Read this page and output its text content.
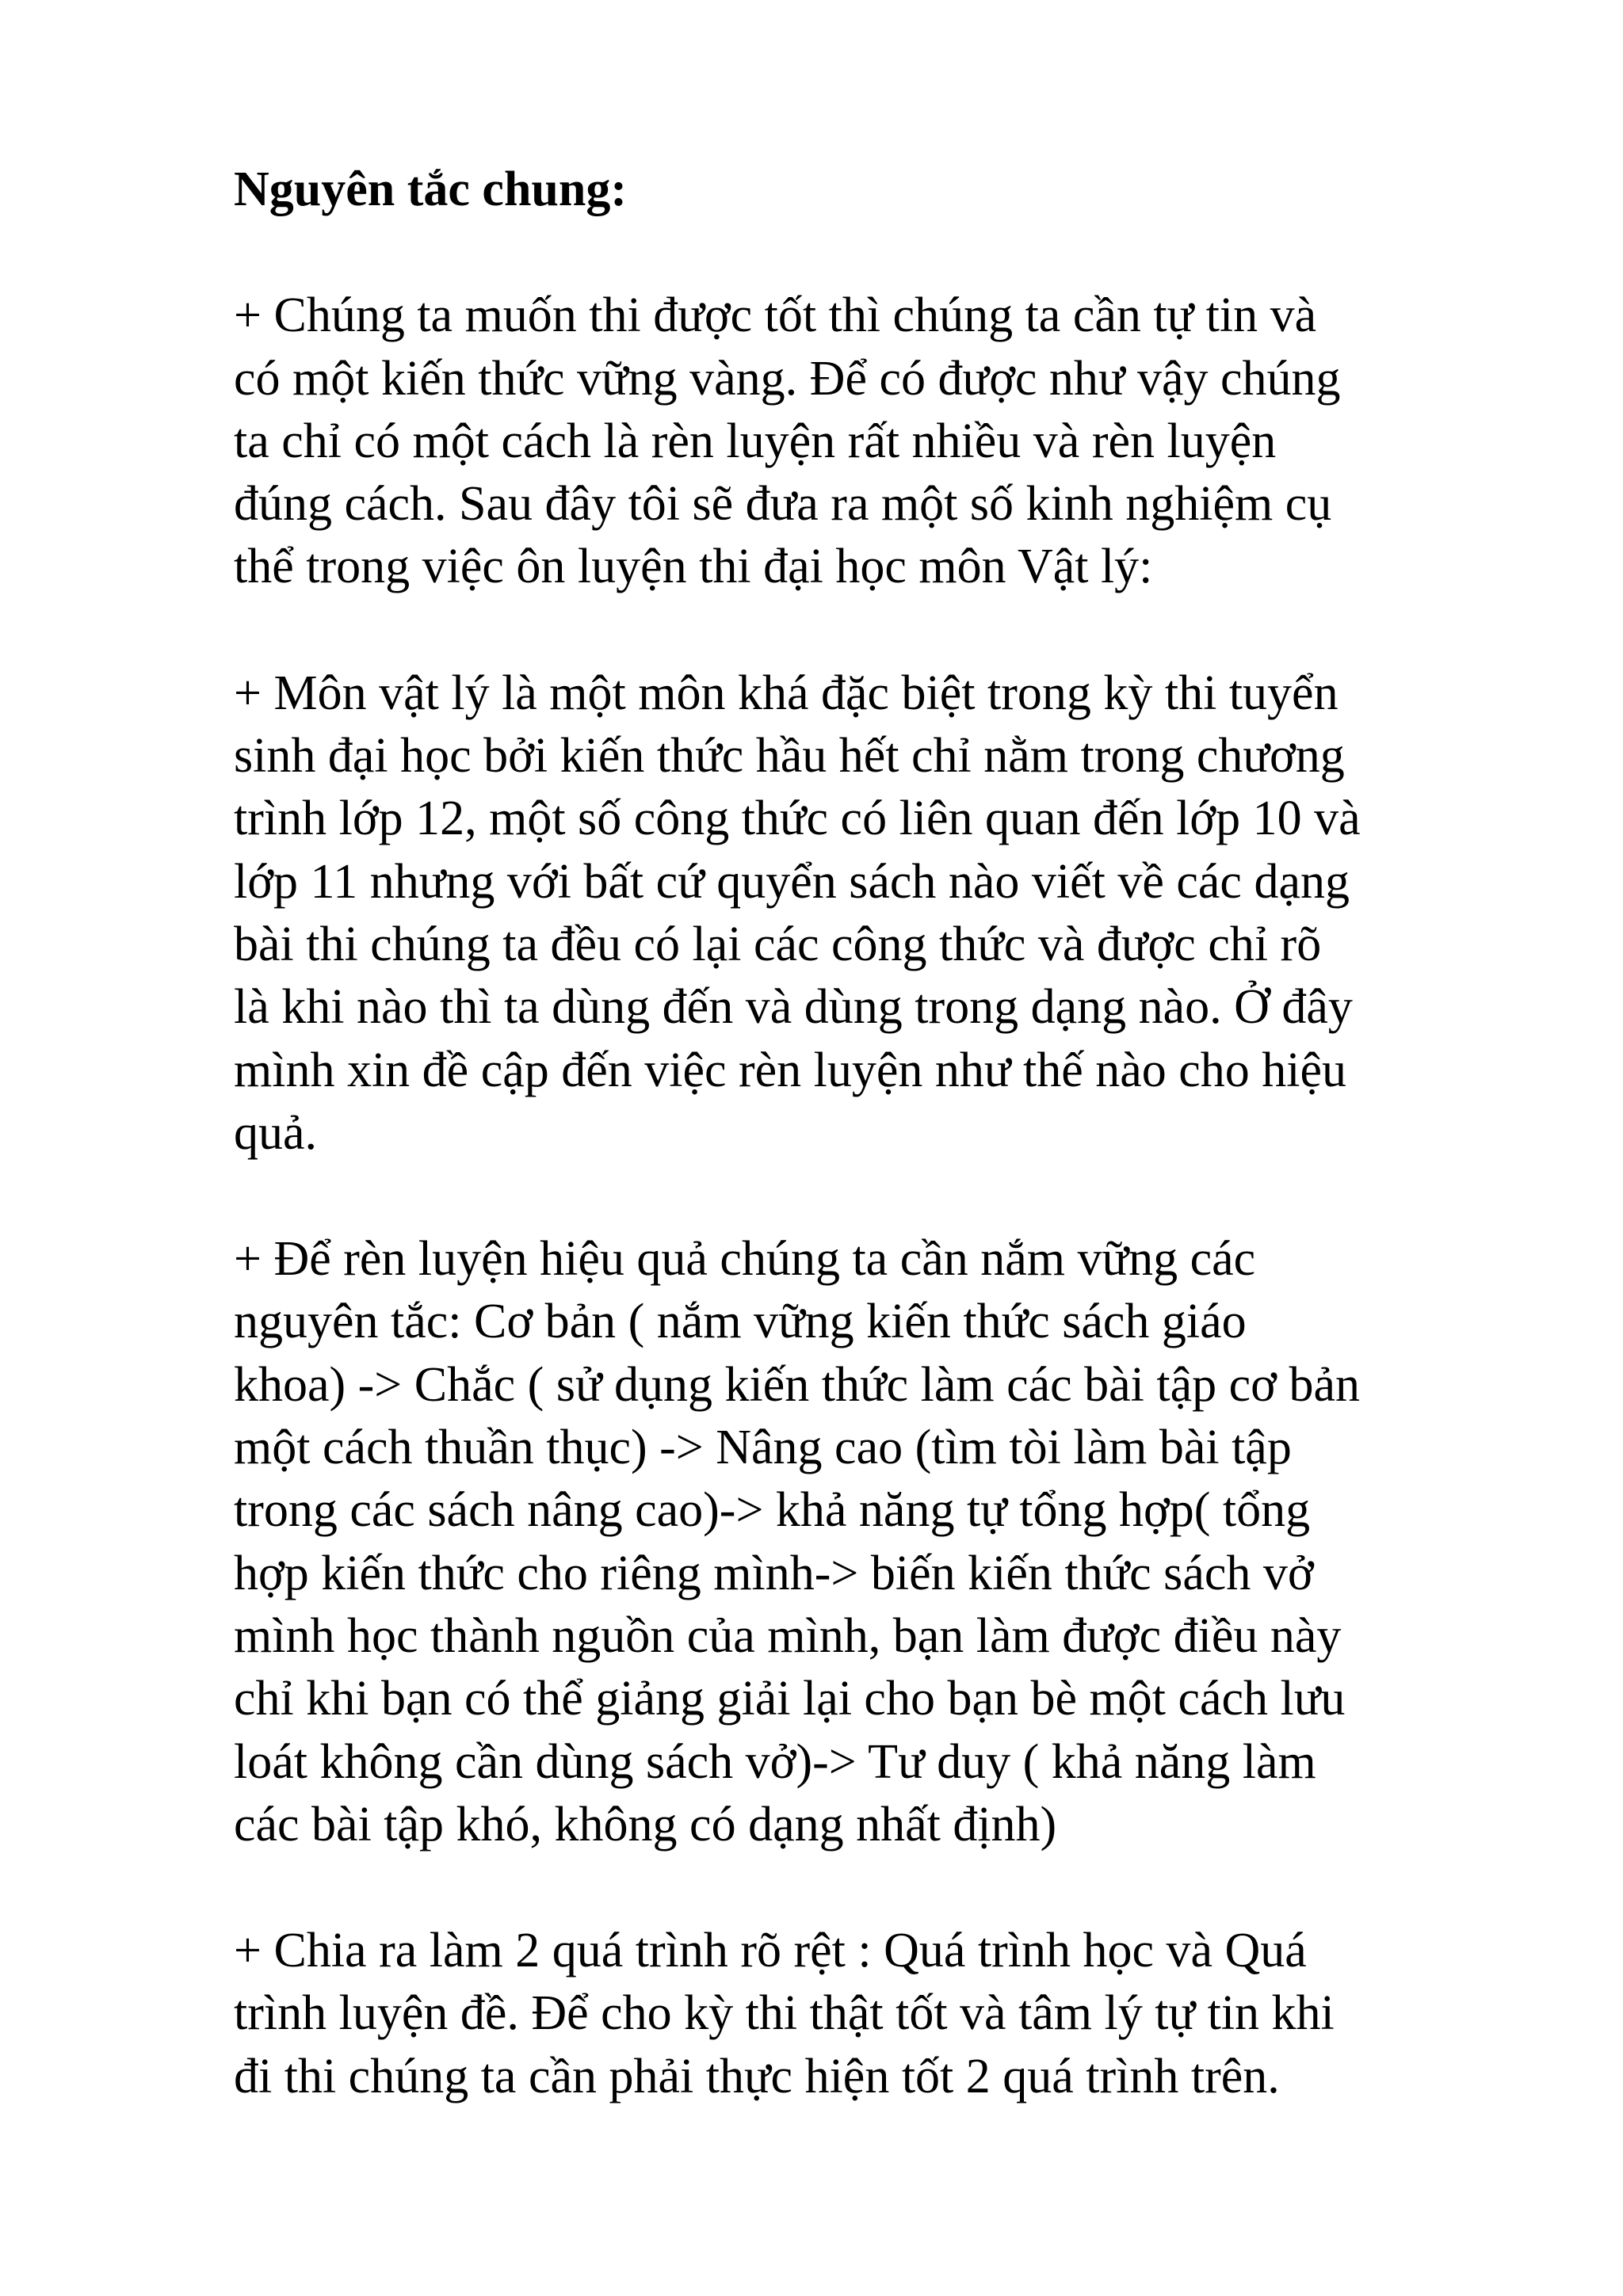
Nguyên tắc chung:
+ Chúng ta muốn thi được tốt thì chúng ta cần tự tin và
có một kiến thức vững vàng. Để có được như vậy chúng
ta chỉ có một cách là rèn luyện rất nhiều và rèn luyện
đúng cách. Sau đây tôi sẽ đưa ra một số kinh nghiệm cụ
thể trong việc ôn luyện thi đại học môn Vật lý:
+ Môn vật lý là một môn khá đặc biệt trong kỳ thi tuyển
sinh đại học bởi kiến thức hầu hết chỉ nằm trong chương
trình lớp 12, một số công thức có liên quan đến lớp 10 và
lớp 11 nhưng với bất cứ quyển sách nào viết về các dạng
bài thi chúng ta đều có lại các công thức và được chỉ rõ
là khi nào thì ta dùng đến và dùng trong dạng nào. Ở đây
mình xin đề cập đến việc rèn luyện như thế nào cho hiệu
quả.
+ Để rèn luyện hiệu quả chúng ta cần nắm vững các
nguyên tắc: Cơ bản ( nắm vững kiến thức sách giáo
khoa) -> Chắc ( sử dụng kiến thức làm các bài tập cơ bản
một cách thuần thục) -> Nâng cao (tìm tòi làm bài tập
trong các sách nâng cao)-> khả năng tự tổng hợp( tổng
hợp kiến thức cho riêng mình-> biến kiến thức sách vở
mình học thành nguồn của mình, bạn làm được điều này
chỉ khi bạn có thể giảng giải lại cho bạn bè một cách lưu
loát không cần dùng sách vở)-> Tư duy ( khả năng làm
các bài tập khó, không có dạng nhất định)
+ Chia ra làm 2 quá trình rõ rệt : Quá trình học và Quá
trình luyện đề. Để cho kỳ thi thật tốt và tâm lý tự tin khi
đi thi chúng ta cần phải thực hiện tốt 2 quá trình trên.
